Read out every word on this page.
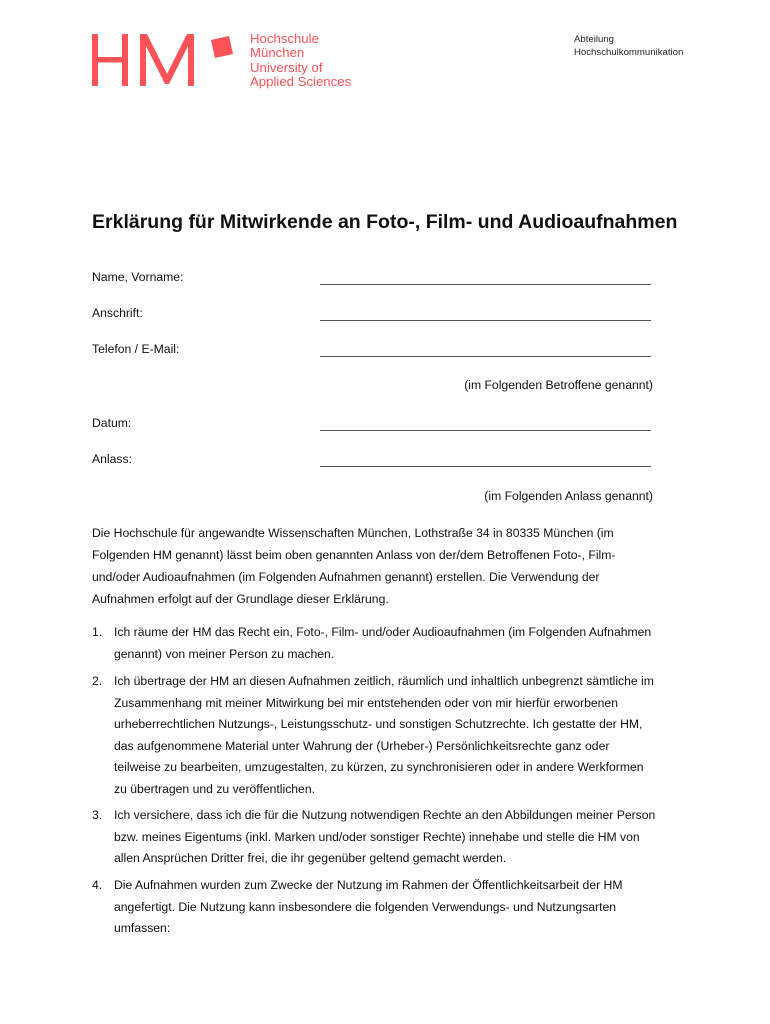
Hochschule
München
University of
Applied Sciences
Abteilung
Hochschulkommunikation
Erklärung für Mitwirkende an Foto-, Film- und Audioaufnahmen
Name, Vorname:
Anschrift:
Telefon / E-Mail:
(im Folgenden Betroffene genannt)
Datum:
Anlass:
(im Folgenden Anlass genannt)
Die Hochschule für angewandte Wissenschaften München, Lothstraße 34 in 80335 München (im Folgenden HM genannt) lässt beim oben genannten Anlass von der/dem Betroffenen Foto-, Film- und/oder Audioaufnahmen (im Folgenden Aufnahmen genannt) erstellen. Die Verwendung der Aufnahmen erfolgt auf der Grundlage dieser Erklärung.
1. Ich räume der HM das Recht ein, Foto-, Film- und/oder Audioaufnahmen (im Folgenden Aufnahmen genannt) von meiner Person zu machen.
2. Ich übertrage der HM an diesen Aufnahmen zeitlich, räumlich und inhaltlich unbegrenzt sämtliche im Zusammenhang mit meiner Mitwirkung bei mir entstehenden oder von mir hierfür erworbenen urheberrechtlichen Nutzungs-, Leistungsschutz- und sonstigen Schutzrechte. Ich gestatte der HM, das aufgenommene Material unter Wahrung der (Urheber-) Persönlichkeitsrechte ganz oder teilweise zu bearbeiten, umzugestalten, zu kürzen, zu synchronisieren oder in andere Werkformen zu übertragen und zu veröffentlichen.
3. Ich versichere, dass ich die für die Nutzung notwendigen Rechte an den Abbildungen meiner Person bzw. meines Eigentums (inkl. Marken und/oder sonstiger Rechte) innehabe und stelle die HM von allen Ansprüchen Dritter frei, die ihr gegenüber geltend gemacht werden.
4. Die Aufnahmen wurden zum Zwecke der Nutzung im Rahmen der Öffentlichkeitsarbeit der HM angefertigt. Die Nutzung kann insbesondere die folgenden Verwendungs- und Nutzungsarten umfassen:
